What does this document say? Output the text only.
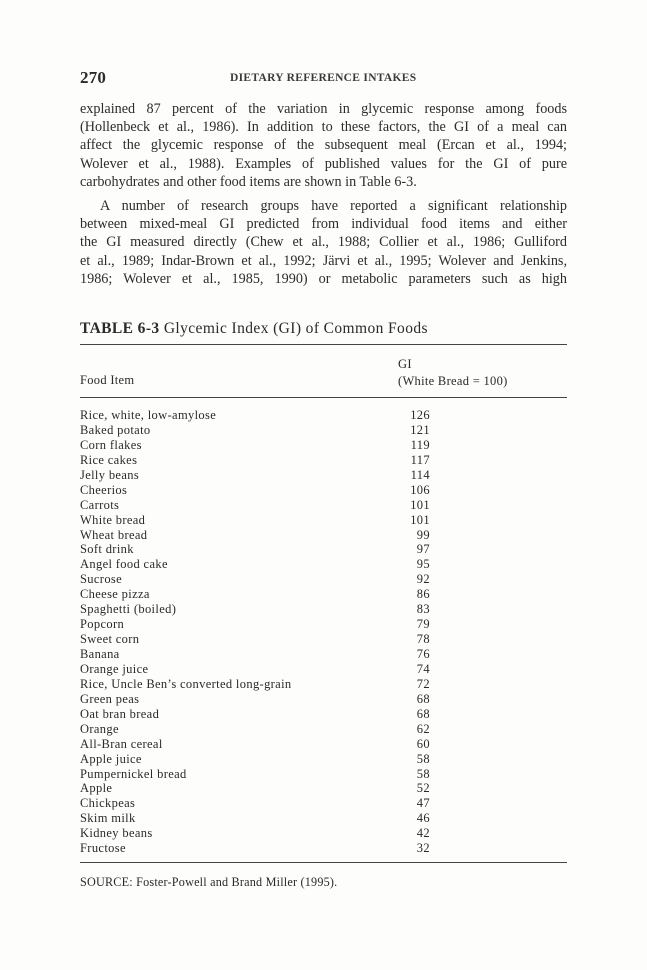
270	DIETARY REFERENCE INTAKES
explained 87 percent of the variation in glycemic response among foods
(Hollenbeck et al., 1986). In addition to these factors, the GI of a meal can
affect the glycemic response of the subsequent meal (Ercan et al., 1994;
Wolever et al., 1988). Examples of published values for the GI of pure
carbohydrates and other food items are shown in Table 6-3.
A number of research groups have reported a significant relationship
between mixed-meal GI predicted from individual food items and either
the GI measured directly (Chew et al., 1988; Collier et al., 1986; Gulliford
et al., 1989; Indar-Brown et al., 1992; Järvi et al., 1995; Wolever and Jenkins,
1986; Wolever et al., 1985, 1990) or metabolic parameters such as high
TABLE 6-3 Glycemic Index (GI) of Common Foods
Food Item
GI
(White Bread = 100)
Rice, white, low-amylose	126
Baked potato	121
Corn flakes	119
Rice cakes	117
Jelly beans	114
Cheerios	106
Carrots	101
White bread	101
Wheat bread	99
Soft drink	97
Angel food cake	95
Sucrose	92
Cheese pizza	86
Spaghetti (boiled)	83
Popcorn	79
Sweet corn	78
Banana	76
Orange juice	74
Rice, Uncle Ben’s converted long-grain	72
Green peas	68
Oat bran bread	68
Orange	62
All-Bran cereal	60
Apple juice	58
Pumpernickel bread	58
Apple	52
Chickpeas	47
Skim milk	46
Kidney beans	42
Fructose	32
SOURCE: Foster-Powell and Brand Miller (1995).
